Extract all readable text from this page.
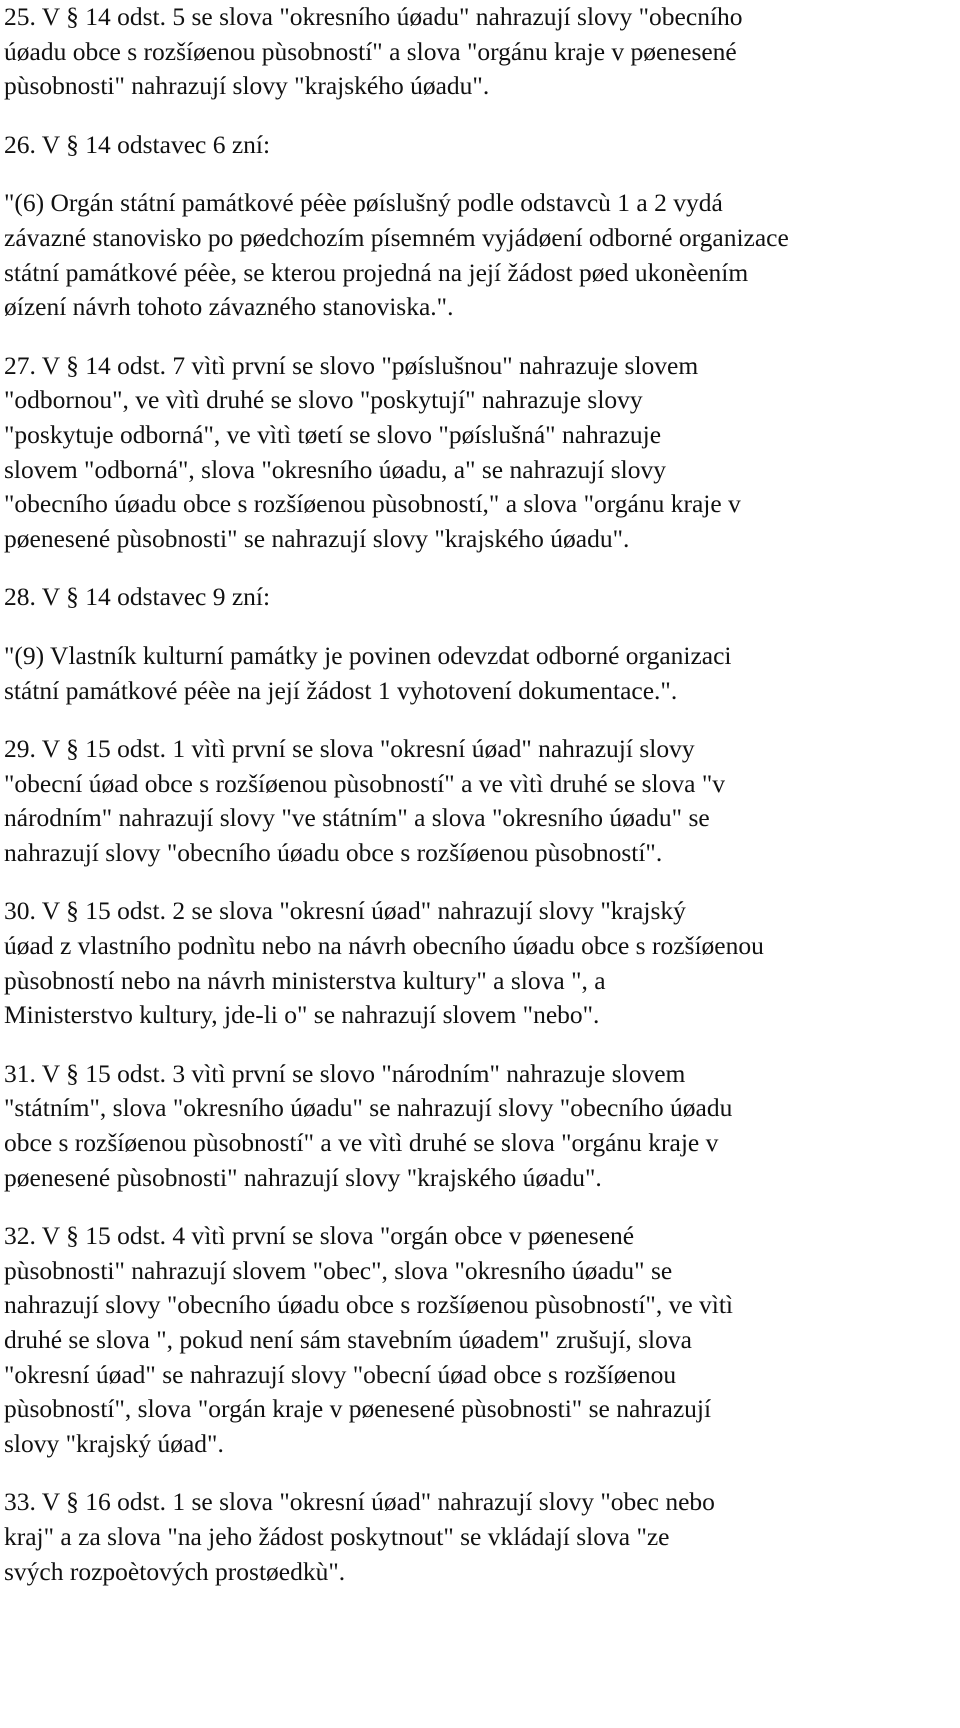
25. V § 14 odst. 5 se slova "okresního úøadu" nahrazují slovy "obecního
úøadu obce s rozšíøenou pùsobností" a slova "orgánu kraje v pøenesené
pùsobnosti" nahrazují slovy "krajského úøadu".

26. V § 14 odstavec 6 zní:

"(6) Orgán státní památkové péèe pøíslušný podle odstavcù 1 a 2 vydá
závazné stanovisko po pøedchozím písemném vyjádøení odborné organizace
státní památkové péèe, se kterou projedná na její žádost pøed ukonèením
øízení návrh tohoto závazného stanoviska.".

27. V § 14 odst. 7 vìtì první se slovo "pøíslušnou" nahrazuje slovem
"odbornou", ve vìtì druhé se slovo "poskytují" nahrazuje slovy
"poskytuje odborná", ve vìtì tøetí se slovo "pøíslušná" nahrazuje
slovem "odborná", slova "okresního úøadu, a" se nahrazují slovy
"obecního úøadu obce s rozšíøenou pùsobností," a slova "orgánu kraje v
pøenesené pùsobnosti" se nahrazují slovy "krajského úøadu".

28. V § 14 odstavec 9 zní:

"(9) Vlastník kulturní památky je povinen odevzdat odborné organizaci
státní památkové péèe na její žádost 1 vyhotovení dokumentace.".

29. V § 15 odst. 1 vìtì první se slova "okresní úøad" nahrazují slovy
"obecní úøad obce s rozšíøenou pùsobností" a ve vìtì druhé se slova "v
národním" nahrazují slovy "ve státním" a slova "okresního úøadu" se
nahrazují slovy "obecního úøadu obce s rozšíøenou pùsobností".

30. V § 15 odst. 2 se slova "okresní úøad" nahrazují slovy "krajský
úøad z vlastního podnìtu nebo na návrh obecního úøadu obce s rozšíøenou
pùsobností nebo na návrh ministerstva kultury" a slova ", a
Ministerstvo kultury, jde-li o" se nahrazují slovem "nebo".

31. V § 15 odst. 3 vìtì první se slovo "národním" nahrazuje slovem
"státním", slova "okresního úøadu" se nahrazují slovy "obecního úøadu
obce s rozšíøenou pùsobností" a ve vìtì druhé se slova "orgánu kraje v
pøenesené pùsobnosti" nahrazují slovy "krajského úøadu".

32. V § 15 odst. 4 vìtì první se slova "orgán obce v pøenesené
pùsobnosti" nahrazují slovem "obec", slova "okresního úøadu" se
nahrazují slovy "obecního úøadu obce s rozšíøenou pùsobností", ve vìtì
druhé se slova ", pokud není sám stavebním úøadem" zrušují, slova
"okresní úøad" se nahrazují slovy "obecní úøad obce s rozšíøenou
pùsobností", slova "orgán kraje v pøenesené pùsobnosti" se nahrazují
slovy "krajský úøad".

33. V § 16 odst. 1 se slova "okresní úøad" nahrazují slovy "obec nebo
kraj" a za slova "na jeho žádost poskytnout" se vkládají slova "ze
svých rozpoètových prostøedkù".
